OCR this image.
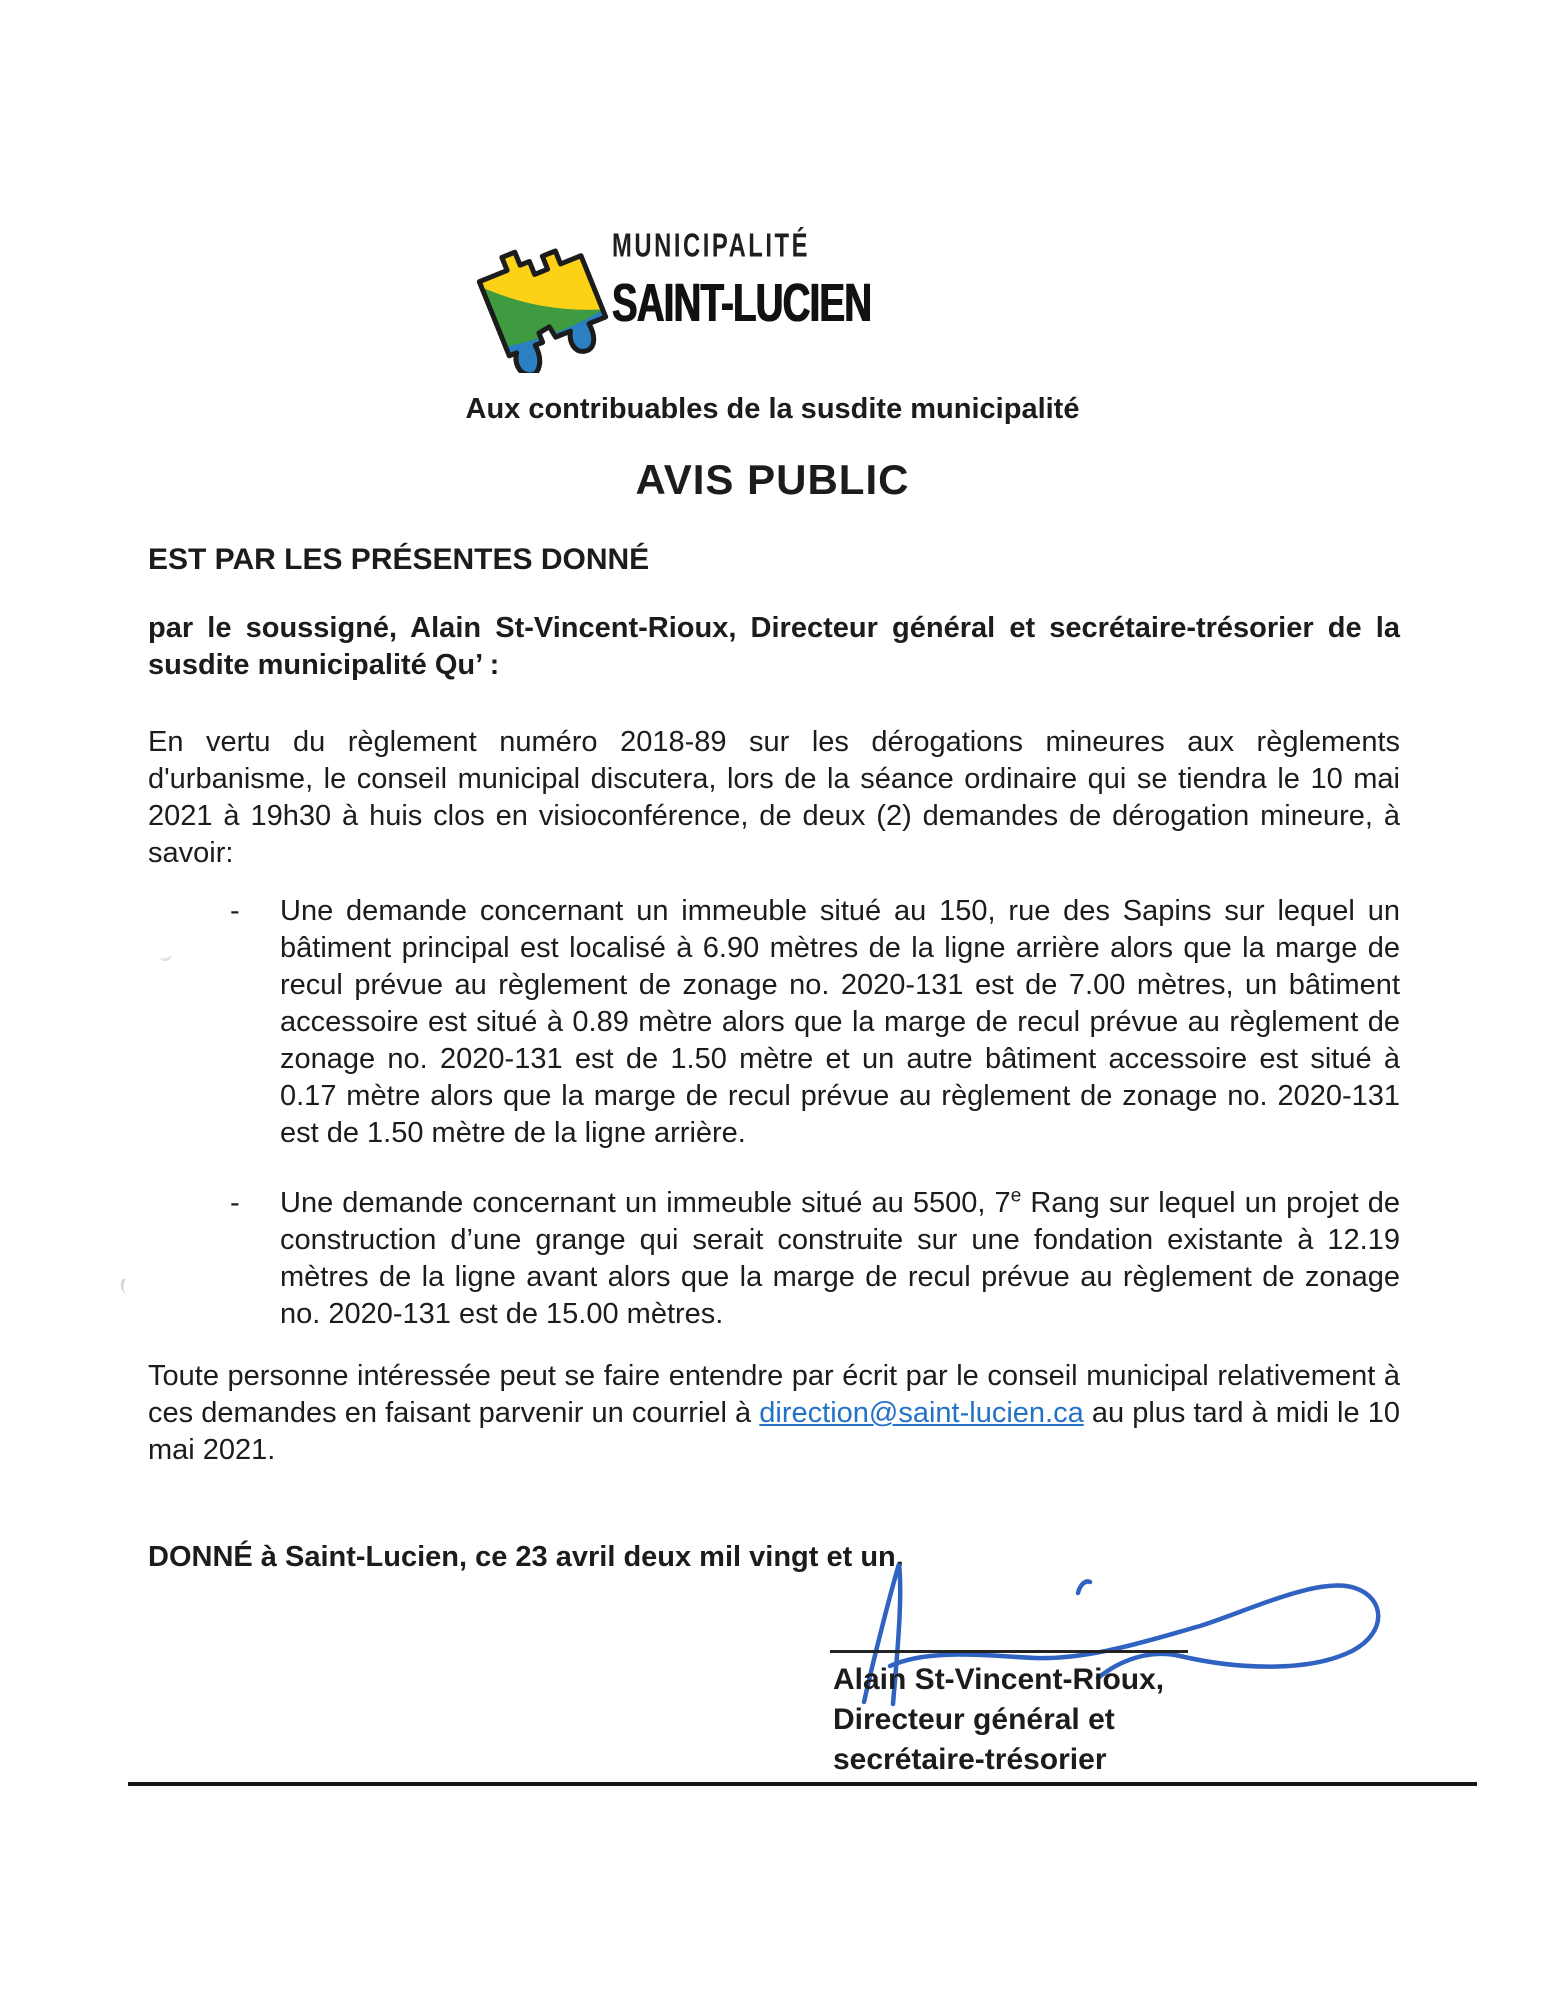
MUNICIPALITÉ
SAINT-LUCIEN
Aux contribuables de la susdite municipalité
AVIS PUBLIC
EST PAR LES PRÉSENTES DONNÉ

par le soussigné, Alain St-Vincent-Rioux, Directeur général et secrétaire-trésorier de la susdite municipalité Qu’ :

En vertu du règlement numéro 2018-89 sur les dérogations mineures aux règlements d'urbanisme, le conseil municipal discutera, lors de la séance ordinaire qui se tiendra le 10 mai 2021 à 19h30 à huis clos en visioconférence, de deux (2) demandes de dérogation mineure, à savoir:

-	Une demande concernant un immeuble situé au 150, rue des Sapins sur lequel un bâtiment principal est localisé à 6.90 mètres de la ligne arrière alors que la marge de recul prévue au règlement de zonage no. 2020-131 est de 7.00 mètres, un bâtiment accessoire est situé à 0.89 mètre alors que la marge de recul prévue au règlement de zonage no. 2020-131 est de 1.50 mètre et un autre bâtiment accessoire est situé à 0.17 mètre alors que la marge de recul prévue au règlement de zonage no. 2020-131 est de 1.50 mètre de la ligne arrière.
-	Une demande concernant un immeuble situé au 5500, 7e Rang sur lequel un projet de construction d’une grange qui serait construite sur une fondation existante à 12.19 mètres de la ligne avant alors que la marge de recul prévue au règlement de zonage no. 2020-131 est de 15.00 mètres.

Toute personne intéressée peut se faire entendre par écrit par le conseil municipal relativement à ces demandes en faisant parvenir un courriel à direction@saint-lucien.ca au plus tard à midi le 10 mai 2021.

DONNÉ à Saint-Lucien, ce 23 avril deux mil vingt et un.

Alain St-Vincent-Rioux,
Directeur général et
secrétaire-trésorier
